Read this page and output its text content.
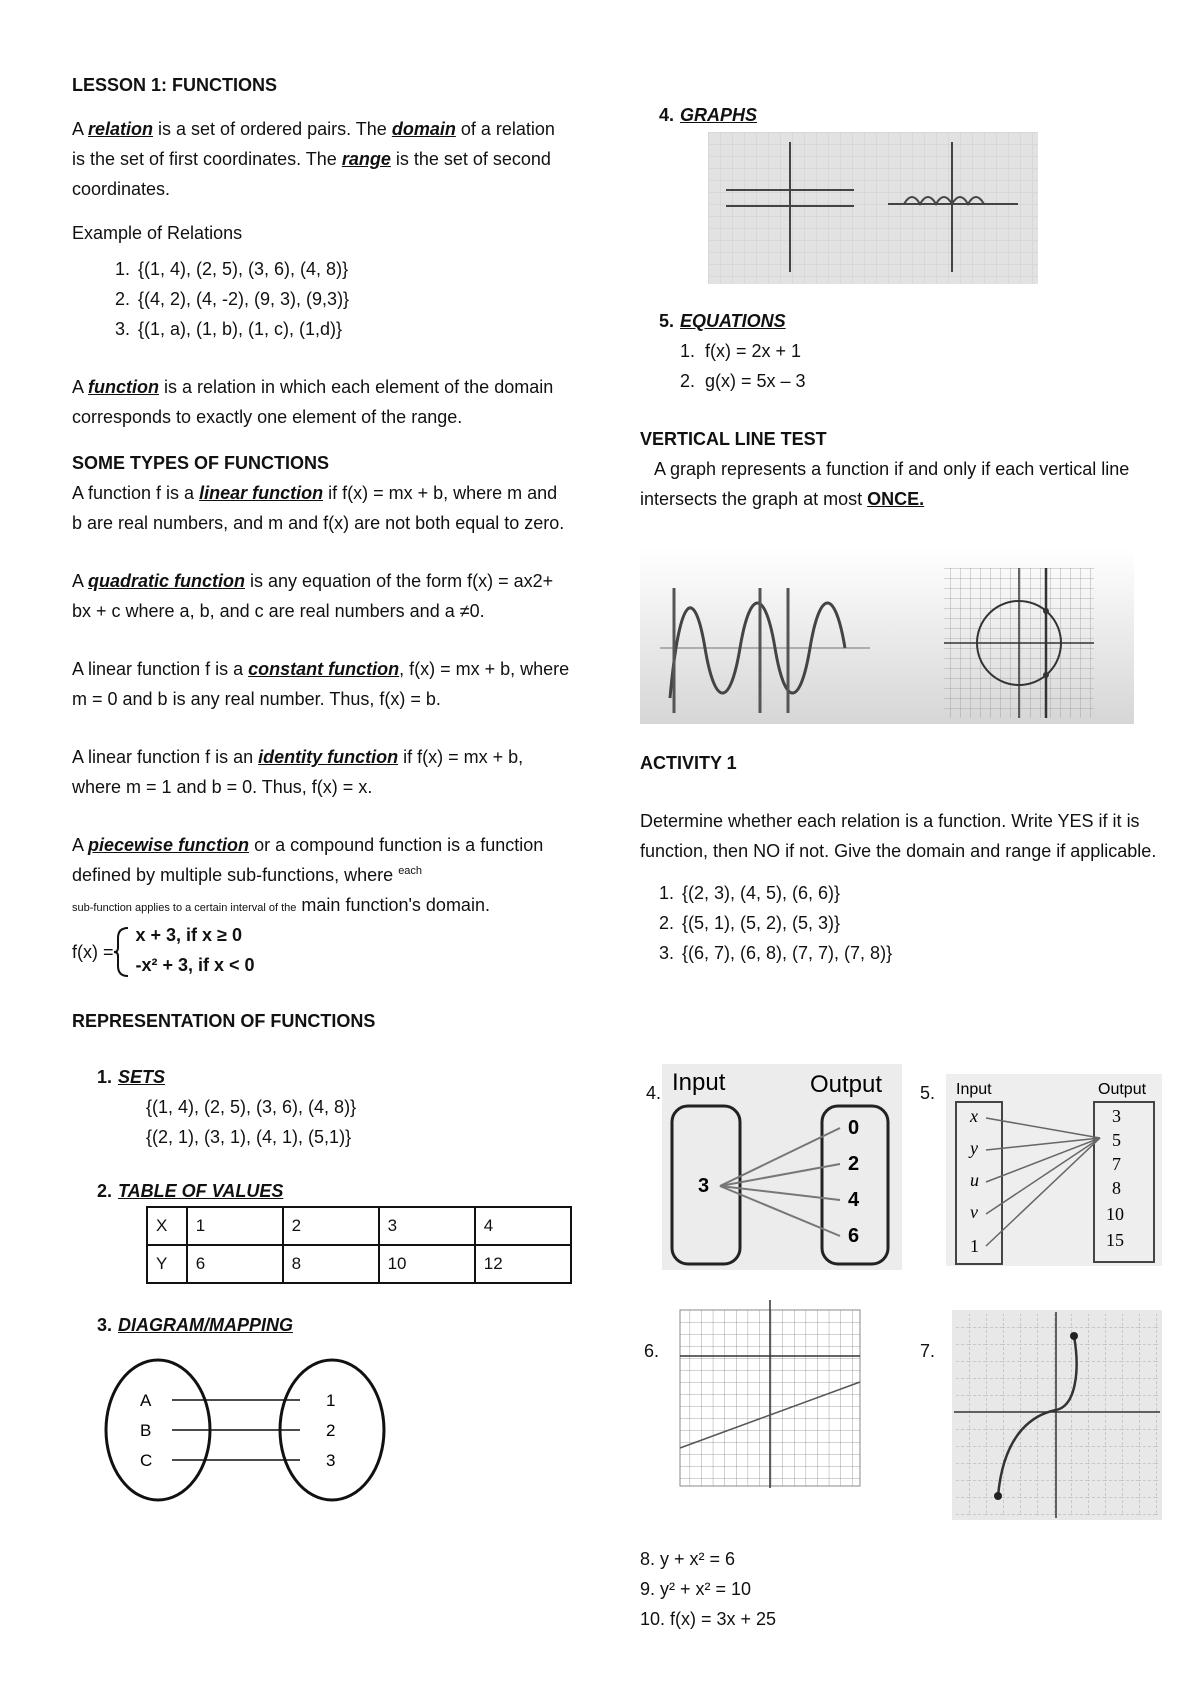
LESSON 1: FUNCTIONS

A relation is a set of ordered pairs. The domain of a relation is the set of first coordinates. The range is the set of second coordinates.

Example of Relations

1. {(1, 4), (2, 5), (3, 6), (4, 8)}
2. {(4, 2), (4, -2), (9, 3), (9,3)}
3. {(1, a), (1, b), (1, c), (1,d)}

A function is a relation in which each element of the domain corresponds to exactly one element of the range.

SOME TYPES OF FUNCTIONS

A function f is a linear function if f(x) = mx + b, where m and b are real numbers, and m and f(x) are not both equal to zero.

A quadratic function is any equation of the form f(x) = ax2+ bx + c where a, b, and c are real numbers and a ≠0.

A linear function f is a constant function, f(x) = mx + b, where m = 0 and b is any real number. Thus, f(x) = b.

A linear function f is an identity function if f(x) = mx + b, where m = 1 and b = 0. Thus, f(x) = x.

A piecewise function or a compound function is a function defined by multiple sub-functions, where $^{each}$
sub-function applies to a certain interval of the main function's domain.

f(x) =
x + 3, if x ≥ 0
-x² + 3, if x < 0

REPRESENTATION OF FUNCTIONS

1. SETS

{(1, 4), (2, 5), (3, 6), (4, 8)}

{(2, 1), (3, 1), (4, 1), (5,1)}

2. TABLE OF VALUES

X	1	2	3	4
Y	6	8	10	12

3. DIAGRAM/MAPPING

A
B
C
1
2
3

4. GRAPHS

5. EQUATIONS

1.  f(x) = 2x + 1

2.  g(x) = 5x – 3

VERTICAL LINE TEST

A graph represents a function if and only if each vertical line intersects the graph at most ONCE.

ACTIVITY 1

Determine whether each relation is a function. Write YES if it is function, then NO if not. Give the domain and range if applicable.

1. {(2, 3), (4, 5), (6, 6)}
2. {(5, 1), (5, 2), (5, 3)}
3. {(6, 7), (6, 8), (7, 7), (7, 8)}
4. Input	Output
3
0
2
4
6
5. Input	Output
x
y
u
v
1
3
5
7
8
10
15
6.	7.

8. y + x² = 6

9. y² + x² = 10

10. f(x) = 3x + 25
